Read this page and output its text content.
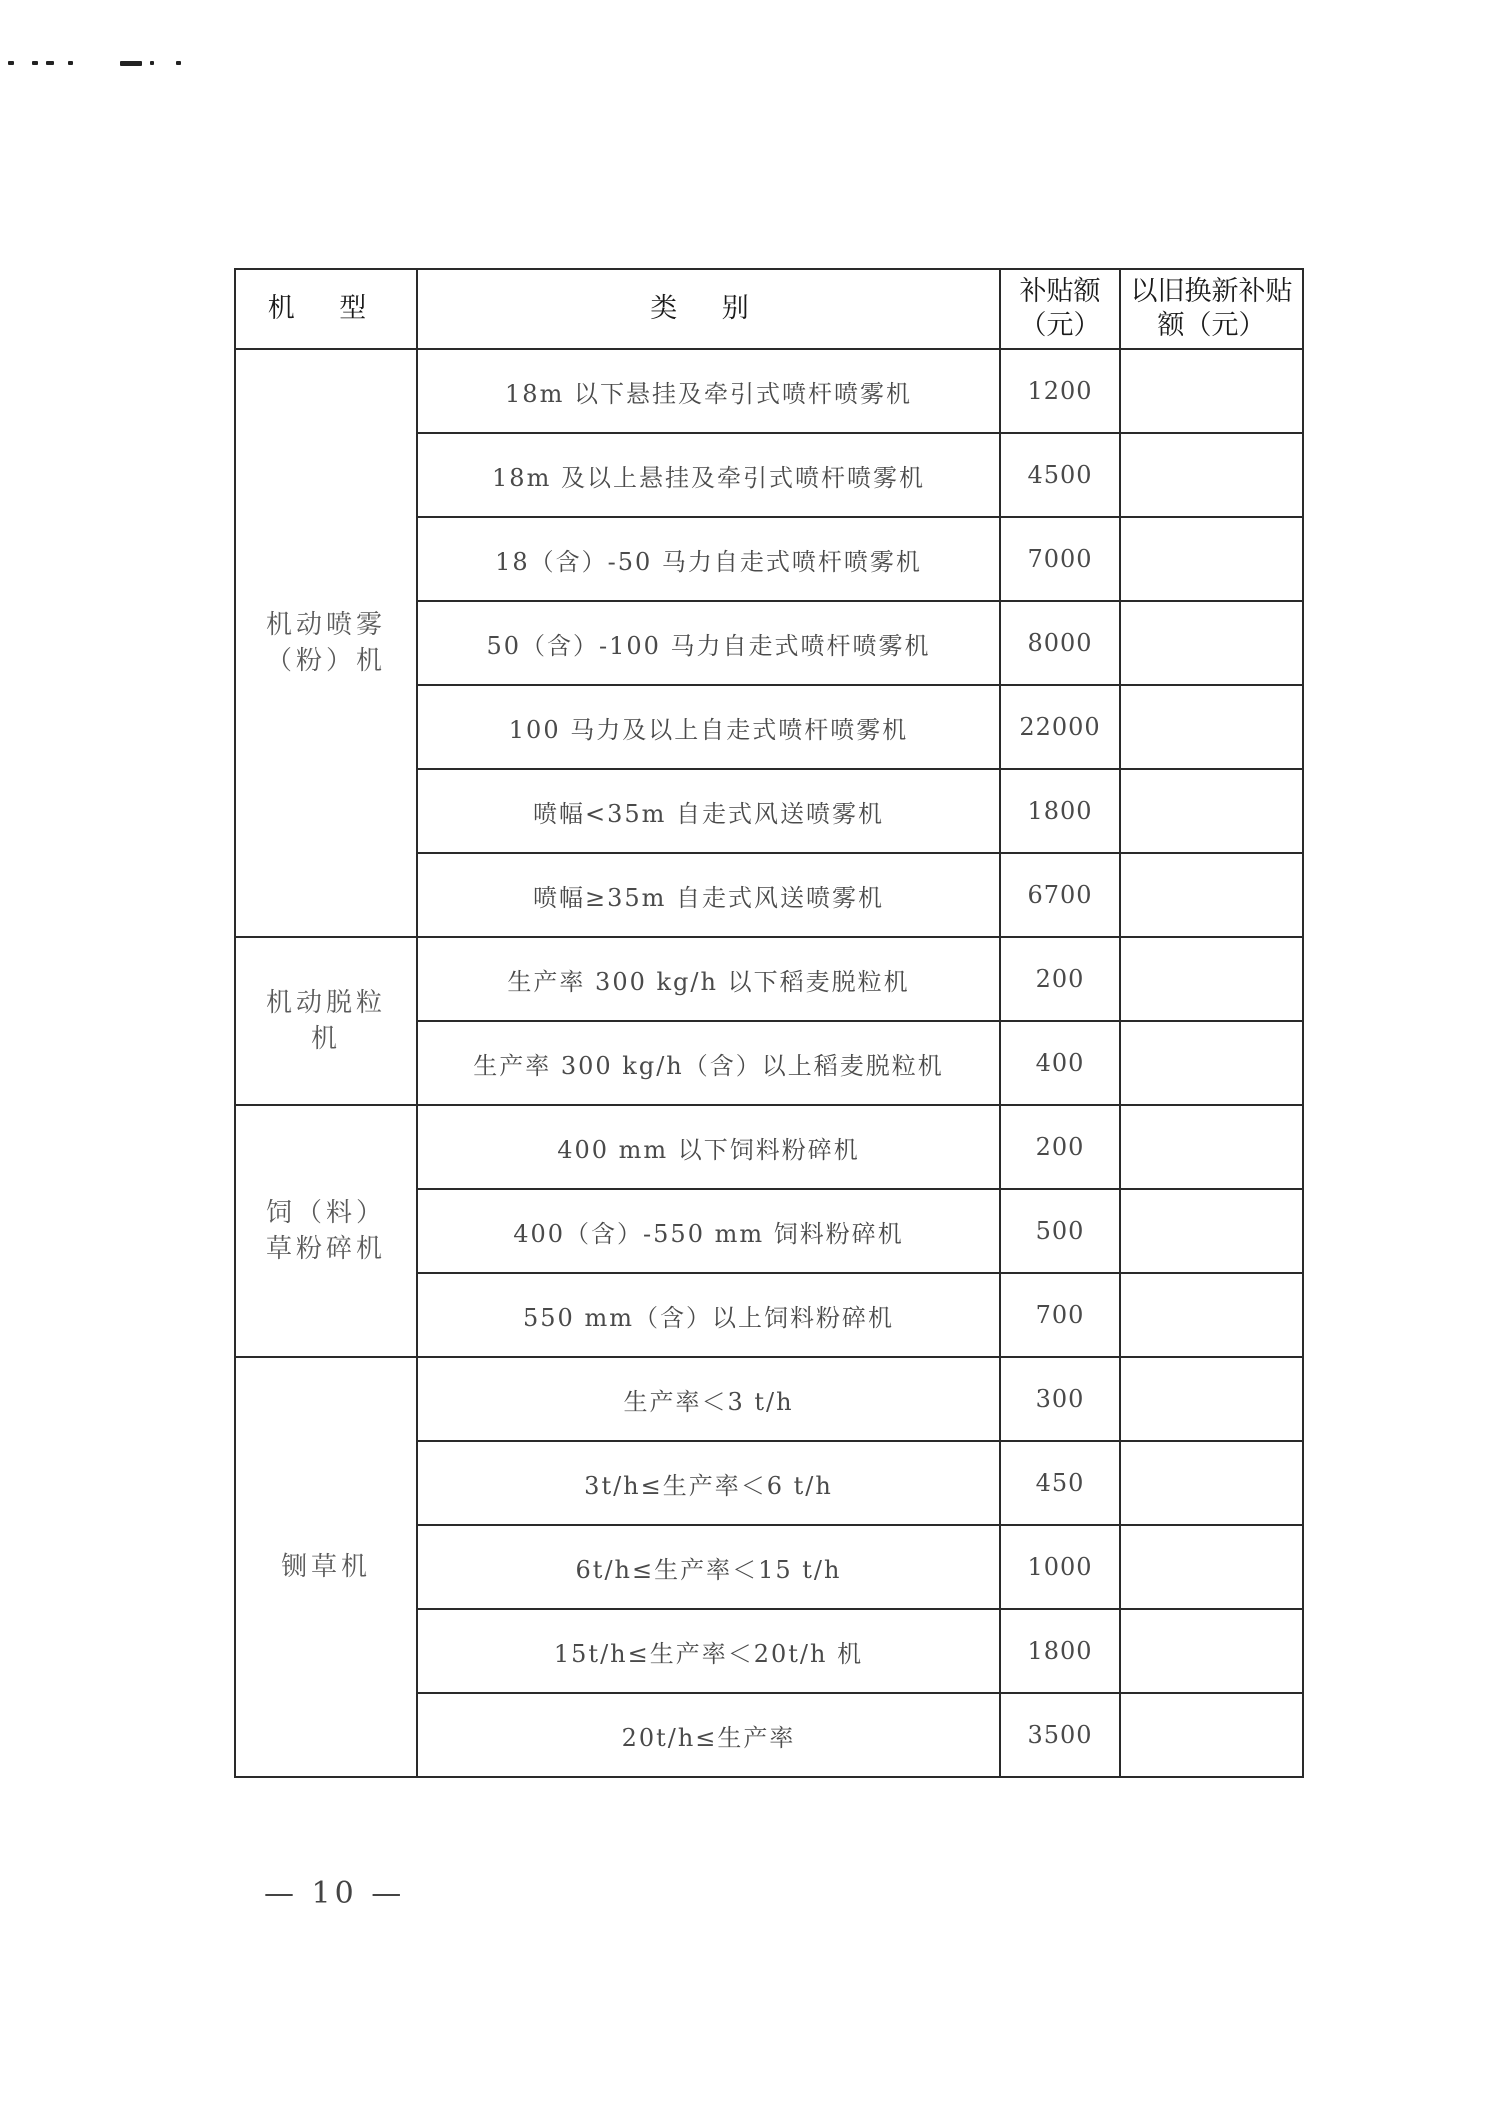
机 型	类 别	补贴额（元）	以旧换新补贴额（元）
机动喷雾（粉）机	18m 以下悬挂及牵引式喷杆喷雾机	1200	
	18m 及以上悬挂及牵引式喷杆喷雾机	4500	
	18（含）-50 马力自走式喷杆喷雾机	7000	
	50（含）-100 马力自走式喷杆喷雾机	8000	
	100 马力及以上自走式喷杆喷雾机	22000	
	喷幅<35m 自走式风送喷雾机	1800	
	喷幅≥35m 自走式风送喷雾机	6700	
机动脱粒机	生产率 300 kg/h 以下稻麦脱粒机	200	
	生产率 300 kg/h（含）以上稻麦脱粒机	400	
饲（料）草粉碎机	400 mm 以下饲料粉碎机	200	
	400（含）-550 mm 饲料粉碎机	500	
	550 mm（含）以上饲料粉碎机	700	
铡草机	生产率＜3 t/h	300	
	3t/h≤生产率＜6 t/h	450	
	6t/h≤生产率＜15 t/h	1000	
	15t/h≤生产率＜20t/h 机	1800	
	20t/h≤生产率	3500	
— 10 —
